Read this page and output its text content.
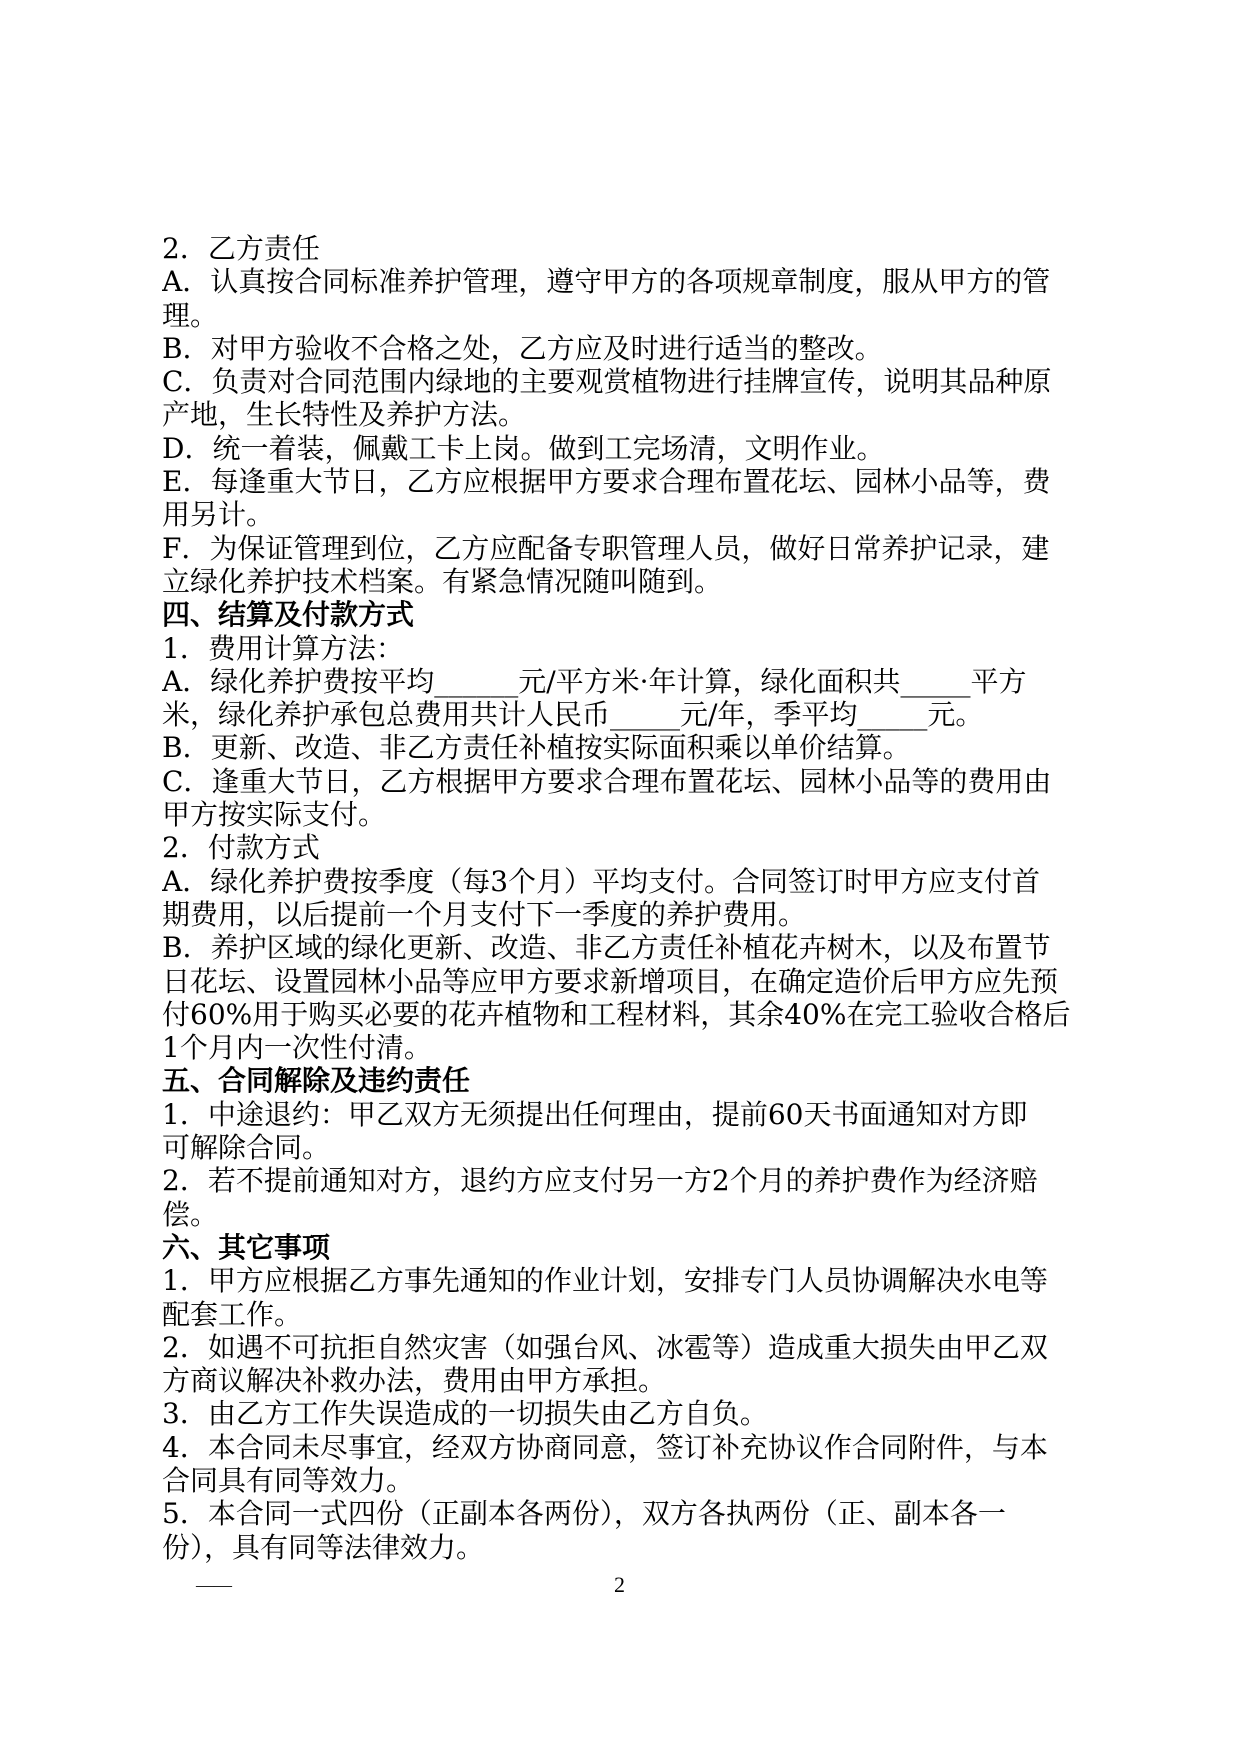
2．乙方责任
A．认真按合同标准养护管理，遵守甲方的各项规章制度，服从甲方的管
理。
B．对甲方验收不合格之处，乙方应及时进行适当的整改。
C．负责对合同范围内绿地的主要观赏植物进行挂牌宣传，说明其品种原
产地，生长特性及养护方法。
D．统一着装，佩戴工卡上岗。做到工完场清，文明作业。
E．每逢重大节日，乙方应根据甲方要求合理布置花坛、园林小品等，费
用另计。
F．为保证管理到位，乙方应配备专职管理人员，做好日常养护记录，建
立绿化养护技术档案。有紧急情况随叫随到。
四、结算及付款方式
1．费用计算方法：
A．绿化养护费按平均______元/平方米·年计算，绿化面积共_____平方
米，绿化养护承包总费用共计人民币_____元/年，季平均_____元。
B．更新、改造、非乙方责任补植按实际面积乘以单价结算。
C．逢重大节日，乙方根据甲方要求合理布置花坛、园林小品等的费用由
甲方按实际支付。
2．付款方式
A．绿化养护费按季度（每3个月）平均支付。合同签订时甲方应支付首
期费用，以后提前一个月支付下一季度的养护费用。
B．养护区域的绿化更新、改造、非乙方责任补植花卉树木，以及布置节
日花坛、设置园林小品等应甲方要求新增项目，在确定造价后甲方应先预
付60%用于购买必要的花卉植物和工程材料，其余40%在完工验收合格后
1个月内一次性付清。
五、合同解除及违约责任
1．中途退约：甲乙双方无须提出任何理由，提前60天书面通知对方即
可解除合同。
2．若不提前通知对方，退约方应支付另一方2个月的养护费作为经济赔
偿。
六、其它事项
1．甲方应根据乙方事先通知的作业计划，安排专门人员协调解决水电等
配套工作。
2．如遇不可抗拒自然灾害（如强台风、冰雹等）造成重大损失由甲乙双
方商议解决补救办法，费用由甲方承担。
3．由乙方工作失误造成的一切损失由乙方自负。
4．本合同未尽事宜，经双方协商同意，签订补充协议作合同附件，与本
合同具有同等效力。
5．本合同一式四份（正副本各两份），双方各执两份（正、副本各一
份），具有同等法律效力。
——	2
